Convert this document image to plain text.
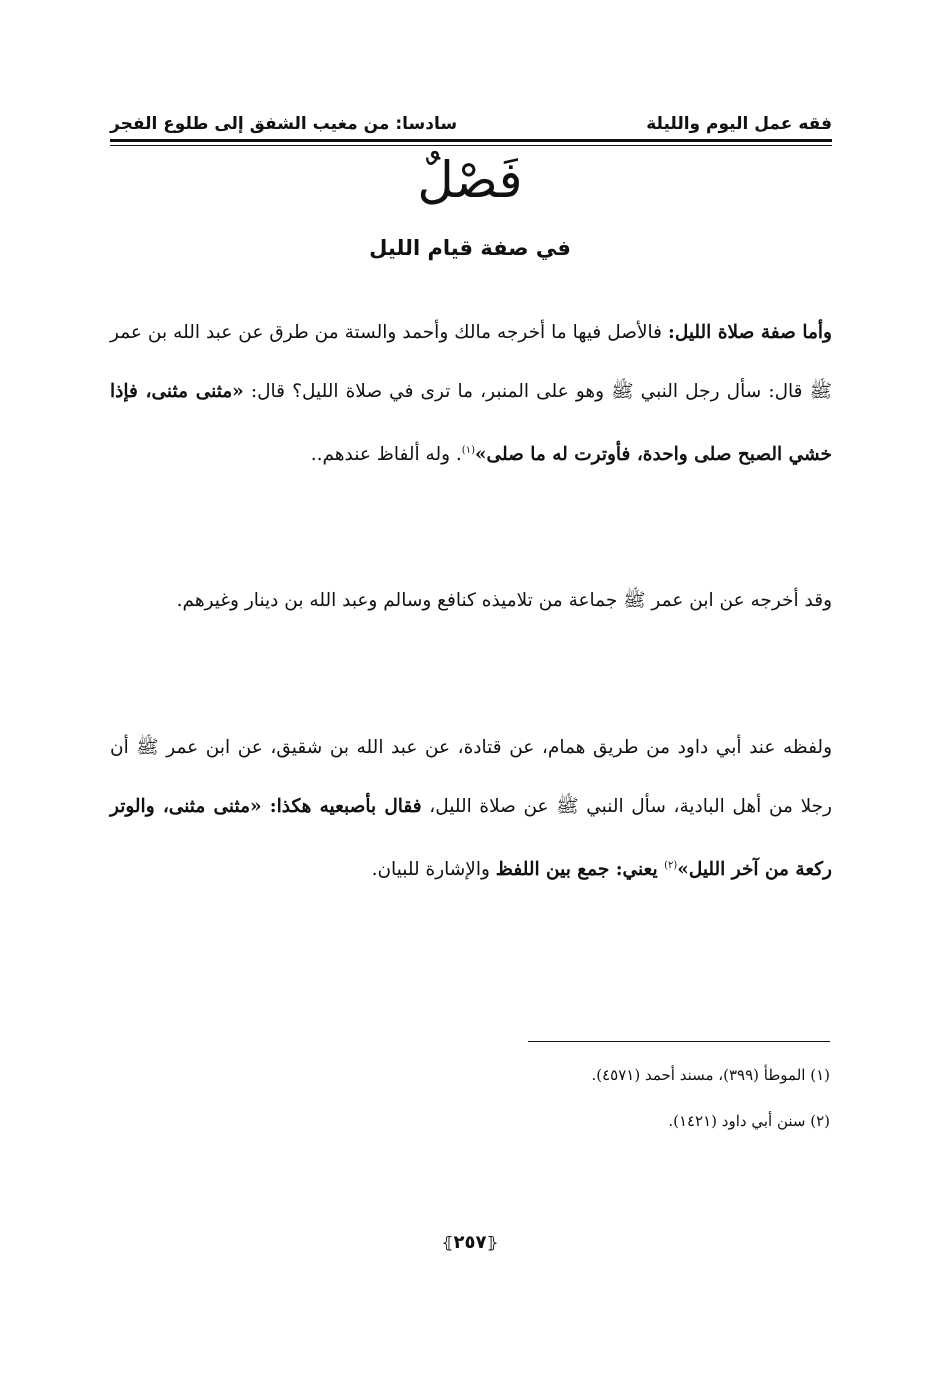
فقه عمل اليوم والليلة
سادسا: من مغيب الشفق إلى طلوع الفجر
فَصْلٌ
في صفة قيام الليل
وأما صفة صلاة الليل: فالأصل فيها ما أخرجه مالك وأحمد والستة من طرق عن عبد الله بن عمر ﷺ قال: سأل رجل النبي ﷺ وهو على المنبر، ما ترى في صلاة الليل؟ قال: «مثنى مثنى، فإذا خشي الصبح صلى واحدة، فأوترت له ما صلى»$^{(١)}$. وله ألفاظ عندهم..
وقد أخرجه عن ابن عمر ﷺ جماعة من تلاميذه كنافع وسالم وعبد الله بن دينار وغيرهم.
ولفظه عند أبي داود من طريق همام، عن قتادة، عن عبد الله بن شقيق، عن ابن عمر ﷺ أن رجلا من أهل البادية، سأل النبي ﷺ عن صلاة الليل، فقال بأصبعيه هكذا: «مثنى مثنى، والوتر ركعة من آخر الليل»$^{(٢)}$ يعني: جمع بين اللفظ والإشارة للبيان.
(١) الموطأ (٣٩٩)، مسند أحمد (٤٥٧١).
(٢) سنن أبي داود (١٤٢١).
⦃٢٥٧⦄
